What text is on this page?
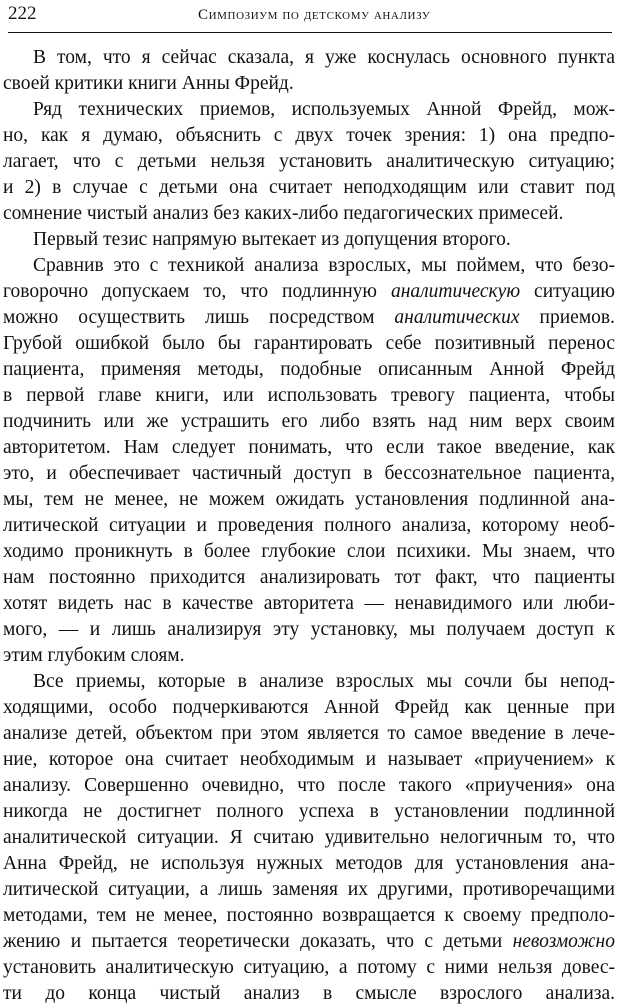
222	Симпозиум по детскому анализу
В том, что я сейчас сказала, я уже коснулась основного пункта
своей критики книги Анны Фрейд.
Ряд технических приемов, используемых Анной Фрейд, мож-
но, как я думаю, объяснить с двух точек зрения: 1) она предпо-
лагает, что с детьми нельзя установить аналитическую ситуацию;
и 2) в случае с детьми она считает неподходящим или ставит под
сомнение чистый анализ без каких-либо педагогических примесей.
Первый тезис напрямую вытекает из допущения второго.
Сравнив это с техникой анализа взрослых, мы поймем, что безо-
говорочно допускаем то, что подлинную аналитическую ситуацию
можно осуществить лишь посредством аналитических приемов.
Грубой ошибкой было бы гарантировать себе позитивный перенос
пациента, применяя методы, подобные описанным Анной Фрейд
в первой главе книги, или использовать тревогу пациента, чтобы
подчинить или же устрашить его либо взять над ним верх своим
авторитетом. Нам следует понимать, что если такое введение, как
это, и обеспечивает частичный доступ в бессознательное пациента,
мы, тем не менее, не можем ожидать установления подлинной ана-
литической ситуации и проведения полного анализа, которому необ-
ходимо проникнуть в более глубокие слои психики. Мы знаем, что
нам постоянно приходится анализировать тот факт, что пациенты
хотят видеть нас в качестве авторитета — ненавидимого или люби-
мого, — и лишь анализируя эту установку, мы получаем доступ к
этим глубоким слоям.
Все приемы, которые в анализе взрослых мы сочли бы непод-
ходящими, особо подчеркиваются Анной Фрейд как ценные при
анализе детей, объектом при этом является то самое введение в лече-
ние, которое она считает необходимым и называет «приучением» к
анализу. Совершенно очевидно, что после такого «приучения» она
никогда не достигнет полного успеха в установлении подлинной
аналитической ситуации. Я считаю удивительно нелогичным то, что
Анна Фрейд, не используя нужных методов для установления ана-
литической ситуации, а лишь заменяя их другими, противоречащими
методами, тем не менее, постоянно возвращается к своему предполо-
жению и пытается теоретически доказать, что с детьми невозможно
установить аналитическую ситуацию, а потому с ними нельзя довес-
ти до конца чистый анализ в смысле взрослого анализа.
